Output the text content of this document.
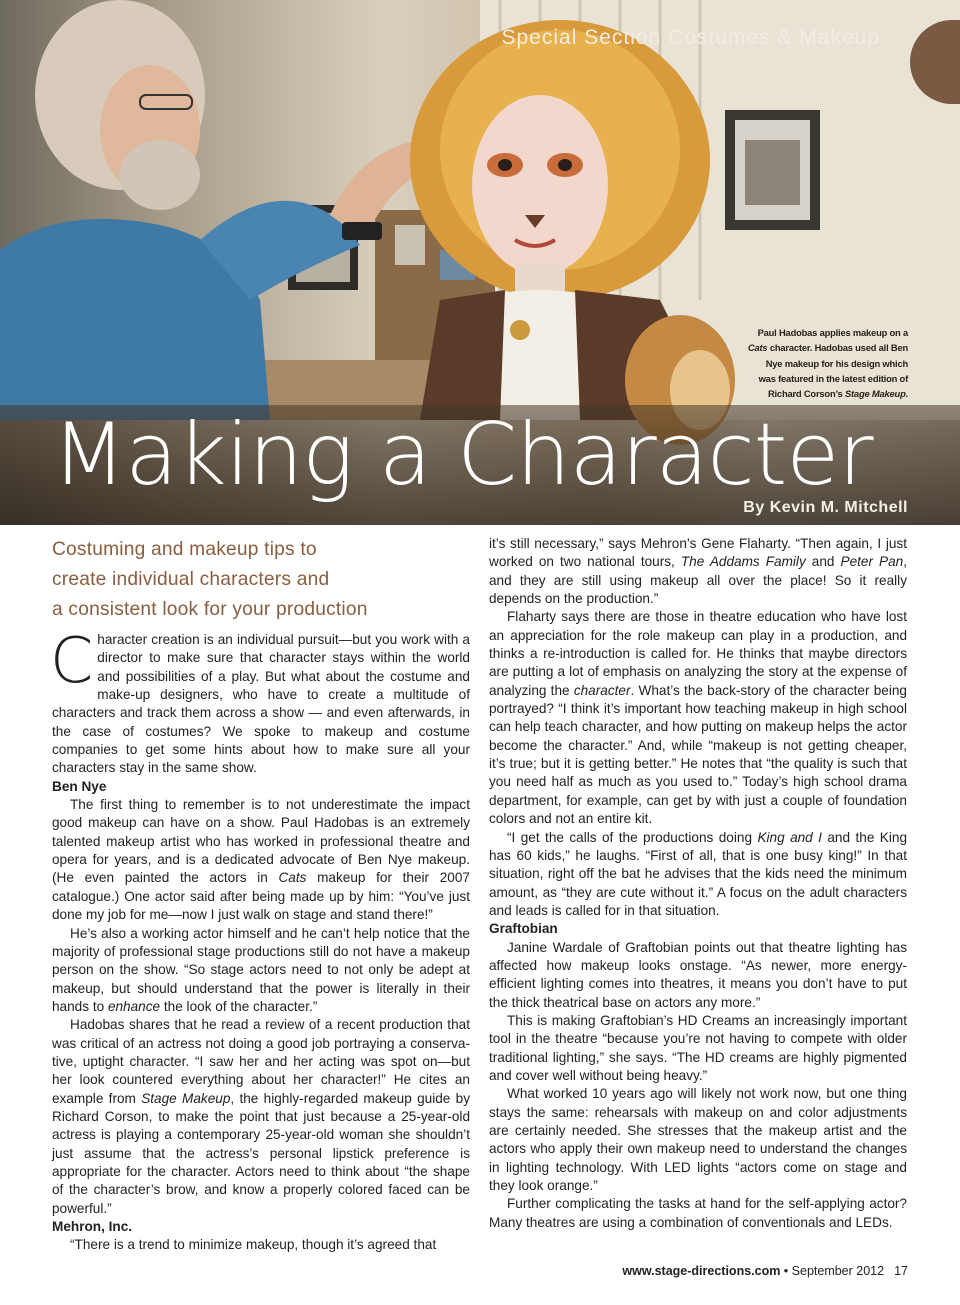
Special Section Costumes & Makeup
Paul Hadobas applies makeup on a
Cats character. Hadobas used all Ben
Nye makeup for his design which
was featured in the latest edition of
Richard Corson’s Stage Makeup.
Making a Character
By Kevin M. Mitchell
Costuming and makeup tips to
create individual characters and
a consistent look for your production

Character creation is an individual pursuit—but you work with a director to make sure that character stays within the world and possibilities of a play. But what about the costume and make-up designers, who have to create a multitude of characters and track them across a show — and even afterwards, in the case of costumes? We spoke to makeup and costume companies to get some hints about how to make sure all your characters stay in the same show.

Ben Nye

The first thing to remember is to not underestimate the impact good makeup can have on a show. Paul Hadobas is an extremely talented makeup artist who has worked in professional theatre and opera for years, and is a dedicated advocate of Ben Nye makeup. (He even painted the actors in Cats makeup for their 2007 catalogue.) One actor said after being made up by him: “You’ve just done my job for me—now I just walk on stage and stand there!”

He’s also a working actor himself and he can’t help notice that the majority of professional stage productions still do not have a makeup person on the show. “So stage actors need to not only be adept at makeup, but should understand that the power is literally in their hands to enhance the look of the character.”

Hadobas shares that he read a review of a recent production that was critical of an actress not doing a good job portraying a conserva-tive, uptight character. “I saw her and her acting was spot on—but her look countered everything about her character!” He cites an example from Stage Makeup, the highly-regarded makeup guide by Richard Corson, to make the point that just because a 25-year-old actress is playing a contemporary 25-year-old woman she shouldn’t just assume that the actress’s personal lipstick preference is appropriate for the character. Actors need to think about “the shape of the character’s brow, and know a properly colored faced can be powerful.”

Mehron, Inc.

“There is a trend to minimize makeup, though it’s agreed that

it’s still necessary,” says Mehron’s Gene Flaharty. “Then again, I just worked on two national tours, The Addams Family and Peter Pan, and they are still using makeup all over the place! So it really depends on the production.”

Flaharty says there are those in theatre education who have lost an appreciation for the role makeup can play in a production, and thinks a re-introduction is called for. He thinks that maybe directors are putting a lot of emphasis on analyzing the story at the expense of analyzing the character. What’s the back-story of the character being portrayed? “I think it’s important how teaching makeup in high school can help teach character, and how putting on makeup helps the actor become the character.” And, while “makeup is not getting cheaper, it’s true; but it is getting better.” He notes that “the quality is such that you need half as much as you used to.” Today’s high school drama department, for example, can get by with just a couple of foundation colors and not an entire kit.

“I get the calls of the productions doing King and I and the King has 60 kids,” he laughs. “First of all, that is one busy king!” In that situation, right off the bat he advises that the kids need the minimum amount, as “they are cute without it.” A focus on the adult characters and leads is called for in that situation.

Graftobian

Janine Wardale of Graftobian points out that theatre lighting has affected how makeup looks onstage. “As newer, more energy-efficient lighting comes into theatres, it means you don’t have to put the thick theatrical base on actors any more.”

This is making Graftobian’s HD Creams an increasingly important tool in the theatre “because you’re not having to compete with older traditional lighting,” she says. “The HD creams are highly pigmented and cover well without being heavy.”

What worked 10 years ago will likely not work now, but one thing stays the same: rehearsals with makeup on and color adjustments are certainly needed. She stresses that the makeup artist and the actors who apply their own makeup need to understand the changes in lighting technology. With LED lights “actors come on stage and they look orange.”

Further complicating the tasks at hand for the self-applying actor? Many theatres are using a combination of conventionals and LEDs.

www.stage-directions.com • September 2012 17
